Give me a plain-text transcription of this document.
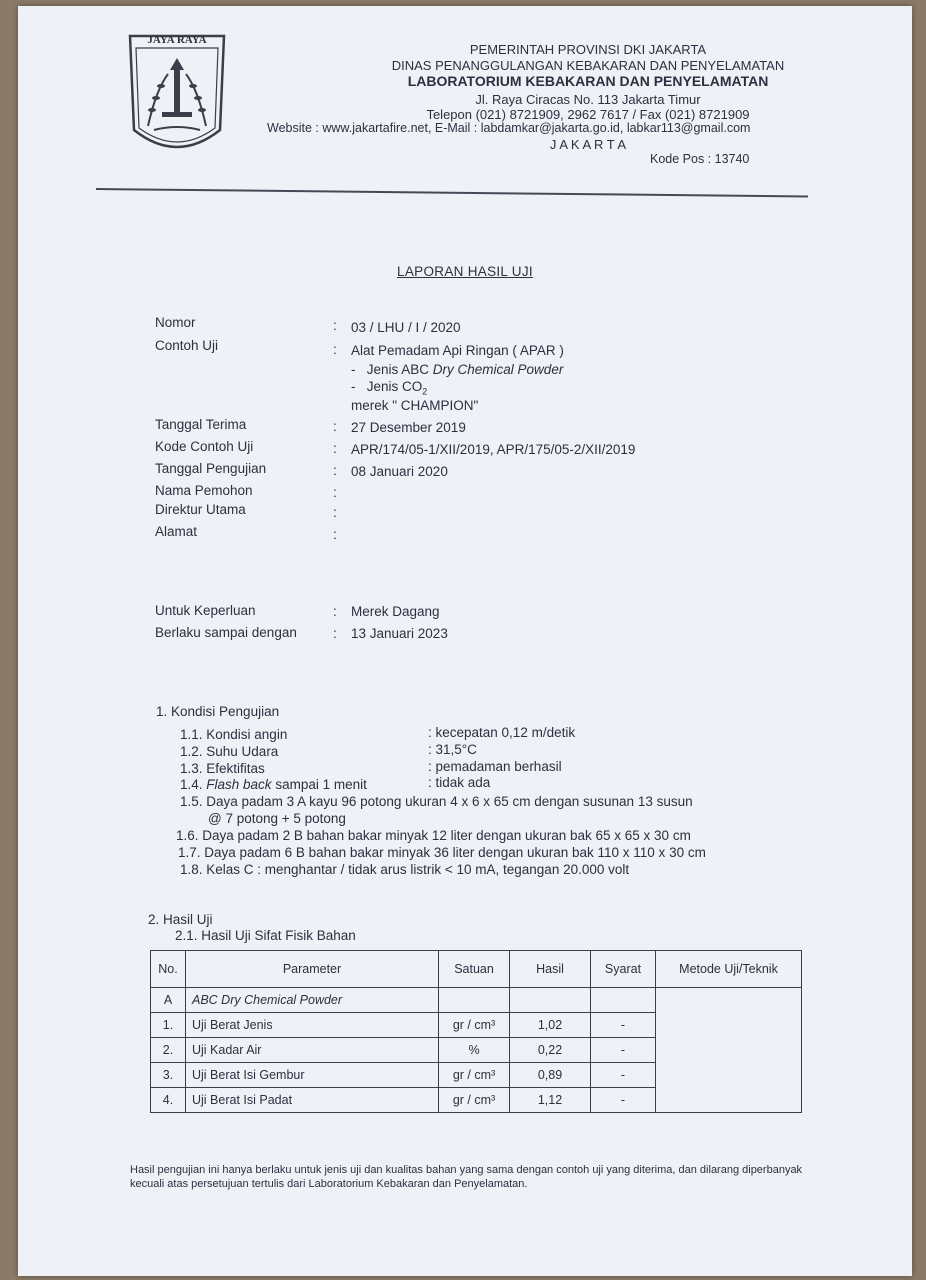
JAYA RAYA
PEMERINTAH PROVINSI DKI JAKARTA
DINAS PENANGGULANGAN KEBAKARAN DAN PENYELAMATAN
LABORATORIUM KEBAKARAN DAN PENYELAMATAN
Jl. Raya Ciracas No. 113 Jakarta Timur
Telepon (021) 8721909, 2962 7617 / Fax (021) 8721909
Website : www.jakartafire.net, E-Mail : labdamkar@jakarta.go.id, labkar113@gmail.com
J A K A R T A
Kode Pos : 13740
LAPORAN HASIL UJI
Nomor	: 03 / LHU / I / 2020
Contoh Uji	: Alat Pemadam Api Ringan ( APAR )
-   Jenis ABC Dry Chemical Powder
-   Jenis $CO_2$
merek " CHAMPION"
Tanggal Terima	: 27 Desember 2019
Kode Contoh Uji	: APR/174/05-1/XII/2019, APR/175/05-2/XII/2019
Tanggal Pengujian	: 08 Januari 2020
Nama Pemohon	:
Direktur Utama	:
Alamat	:
Untuk Keperluan	: Merek Dagang
Berlaku sampai dengan	: 13 Januari 2023
1. Kondisi Pengujian
1.1. Kondisi angin	: kecepatan 0,12 m/detik
1.2. Suhu Udara	: 31,5°C
1.3. Efektifitas	: pemadaman berhasil
1.4. Flash back sampai 1 menit	: tidak ada
1.5. Daya padam 3 A kayu 96 potong ukuran 4 x 6 x 65 cm dengan susunan 13 susun
@ 7 potong + 5 potong
1.6. Daya padam 2 B bahan bakar minyak 12 liter dengan ukuran bak 65 x 65 x 30 cm
1.7. Daya padam 6 B bahan bakar minyak 36 liter dengan ukuran bak 110 x 110 x 30 cm
1.8. Kelas C : menghantar / tidak arus listrik < 10 mA, tegangan 20.000 volt
2. Hasil Uji
2.1. Hasil Uji Sifat Fisik Bahan
No.	Parameter	Satuan	Hasil	Syarat	Metode Uji/Teknik
A	ABC Dry Chemical Powder				
1.	Uji Berat Jenis	gr / cm³	1,02	-	
2.	Uji Kadar Air	%	0,22	-	
3.	Uji Berat Isi Gembur	gr / cm³	0,89	-	
4.	Uji Berat Isi Padat	gr / cm³	1,12	-	
Hasil pengujian ini hanya berlaku untuk jenis uji dan kualitas bahan yang sama dengan contoh uji yang diterima, dan dilarang diperbanyak kecuali atas persetujuan tertulis dari Laboratorium Kebakaran dan Penyelamatan.
